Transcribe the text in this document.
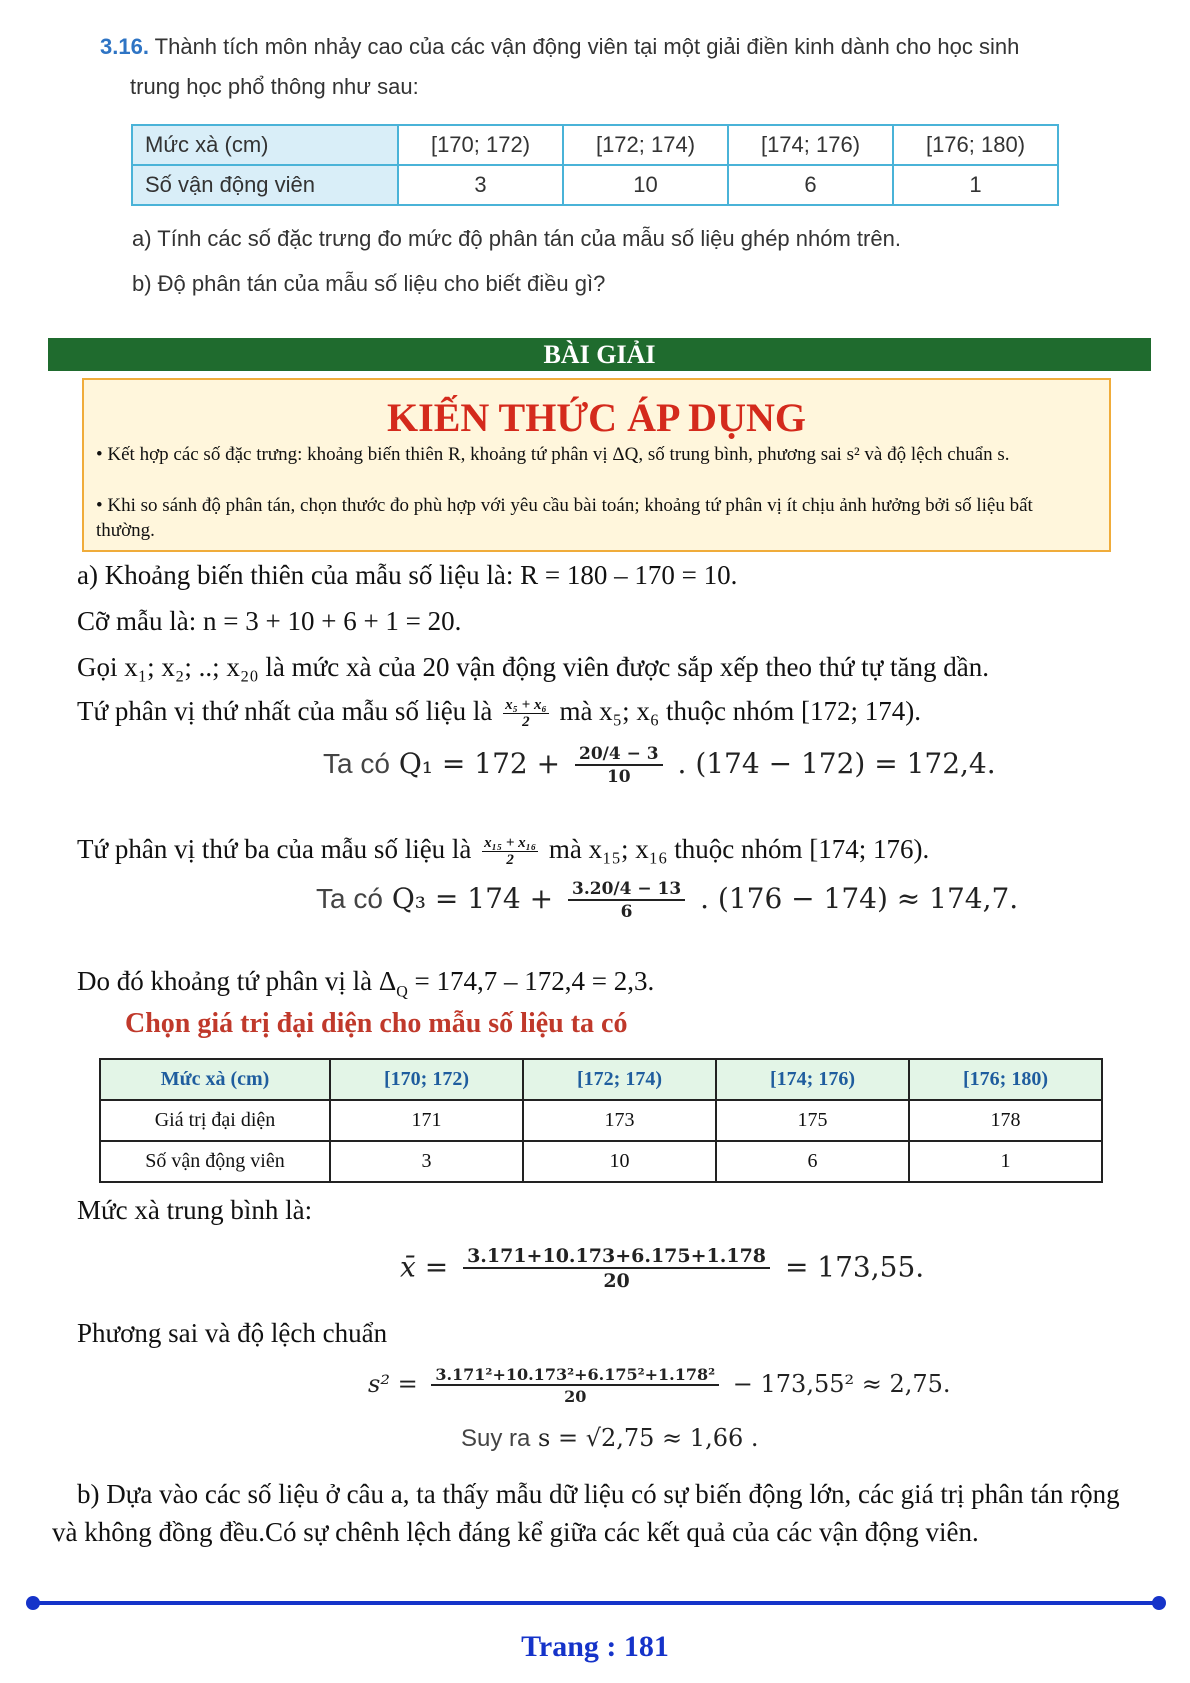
3.16. Thành tích môn nhảy cao của các vận động viên tại một giải điền kinh dành cho học sinh
trung học phổ thông như sau:
Mức xà (cm)	[170; 172)	[172; 174)	[174; 176)	[176; 180)
Số vận động viên	3	10	6	1
a) Tính các số đặc trưng đo mức độ phân tán của mẫu số liệu ghép nhóm trên.
b) Độ phân tán của mẫu số liệu cho biết điều gì?
BÀI GIẢI
KIẾN THỨC ÁP DỤNG
• Kết hợp các số đặc trưng: khoảng biến thiên R, khoảng tứ phân vị ΔQ, số trung bình, phương sai s² và độ lệch chuẩn s.
• Khi so sánh độ phân tán, chọn thước đo phù hợp với yêu cầu bài toán; khoảng tứ phân vị ít chịu ảnh hưởng bởi số liệu bất thường.
a) Khoảng biến thiên của mẫu số liệu là: R = 180 – 170 = 10.
Cỡ mẫu là: n = 3 + 10 + 6 + 1 = 20.
Gọi x₁; x₂; ..; x₂₀ là mức xà của 20 vận động viên được sắp xếp theo thứ tự tăng dần.
Tứ phân vị thứ nhất của mẫu số liệu là $\frac{\text{x₅ + x₆}}{2}$ mà x₅; x₆ thuộc nhóm [172; 174).
Ta có $Q_1 = 172 + \frac{20/4 - 3}{10}$ . (174 − 172) = 172,4.
Tứ phân vị thứ ba của mẫu số liệu là $\frac{\text{x₁₅ + x₁₆}}{2}$ mà x₁₅; x₁₆ thuộc nhóm [174; 176).
Ta có $Q_3 = 174 + \frac{3.20/4 - 13}{6}$ . (176 − 174) ≈ 174,7.
Do đó khoảng tứ phân vị là $\Delta_Q = 174,7 - 172,4 = 2,3$.
Chọn giá trị đại diện cho mẫu số liệu ta có
Mức xà (cm)	[170; 172)	[172; 174)	[174; 176)	[176; 180)
Giá trị đại diện	171	173	175	178
Số vận động viên	3	10	6	1
Mức xà trung bình là:
x̄ = $\frac{3.171+10.173+6.175+1.178}{20} = 173,55$.
Phương sai và độ lệch chuẩn
$s^2 = \frac{\text{3.171²+10.173²+6.175²+1.178²}}{20} - 173,55^2 \approx 2,75$.
Suy ra s = √2,75 ≈ 1,66 .
b) Dựa vào các số liệu ở câu a, ta thấy mẫu dữ liệu có sự biến động lớn, các giá trị phân tán rộng và không đồng đều.Có sự chênh lệch đáng kể giữa các kết quả của các vận động viên.
Trang : 181
